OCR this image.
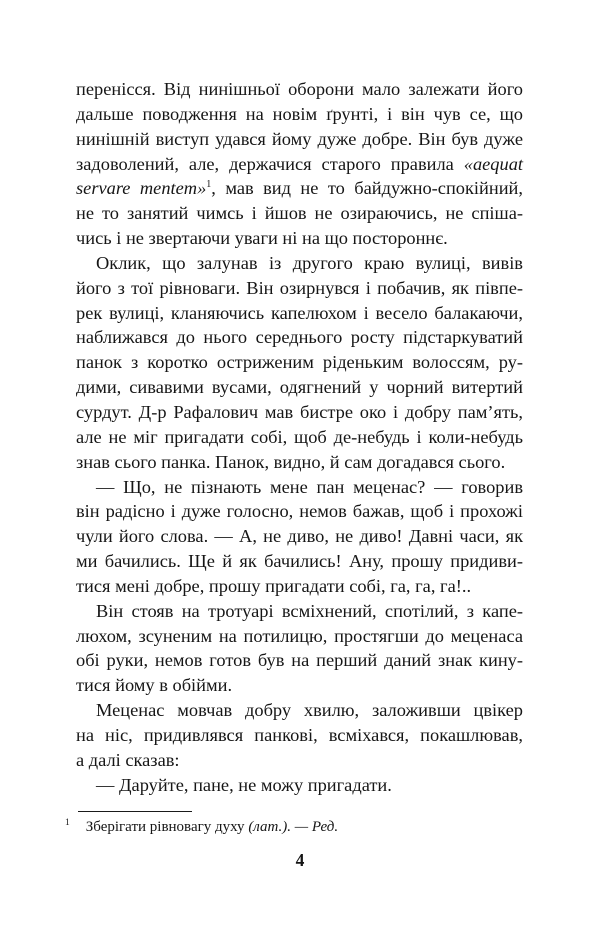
перенісся. Від нинішньої оборони мало залежати його
дальше поводження на новім ґрунті, і він чув се, що
нинішній виступ удався йому дуже добре. Він був дуже
задоволений, але, держачися старого правила «aequat
servare mentem»$^1$, мав вид не то байдужно-спокійний,
не то занятий чимсь і йшов не озираючись, не спіша-
чись і не звертаючи уваги ні на що постороннє.
Оклик, що залунав із другого краю вулиці, вивів
його з тої рівноваги. Він озирнувся і побачив, як півпе-
рек вулиці, кланяючись капелюхом і весело балакаючи,
наближався до нього середнього росту підстаркуватий
панок з коротко остриженим ріденьким волоссям, ру-
дими, сивавими вусами, одягнений у чорний витертий
сурдут. Д-р Рафалович мав бистре око і добру пам’ять,
але не міг пригадати собі, щоб де-небудь і коли-небудь
знав сього панка. Панок, видно, й сам догадався сього.
— Що, не пізнають мене пан меценас? — говорив
він радісно і дуже голосно, немов бажав, щоб і прохожі
чули його слова. — А, не диво, не диво! Давні часи, як
ми бачились. Ще й як бачились! Ану, прошу придиви-
тися мені добре, прошу пригадати собі, га, га, га!..
Він стояв на тротуарі всміхнений, спотілий, з капе-
люхом, зсуненим на потилицю, простягши до меценаса
обі руки, немов готов був на перший даний знак кину-
тися йому в обійми.
Меценас мовчав добру хвилю, заложивши цвікер
на ніс, придивлявся панкові, всміхався, покашлював,
а далі сказав:
— Даруйте, пане, не можу пригадати.
$^1$ Зберігати рівновагу духу (лат.). — Ред.
4
